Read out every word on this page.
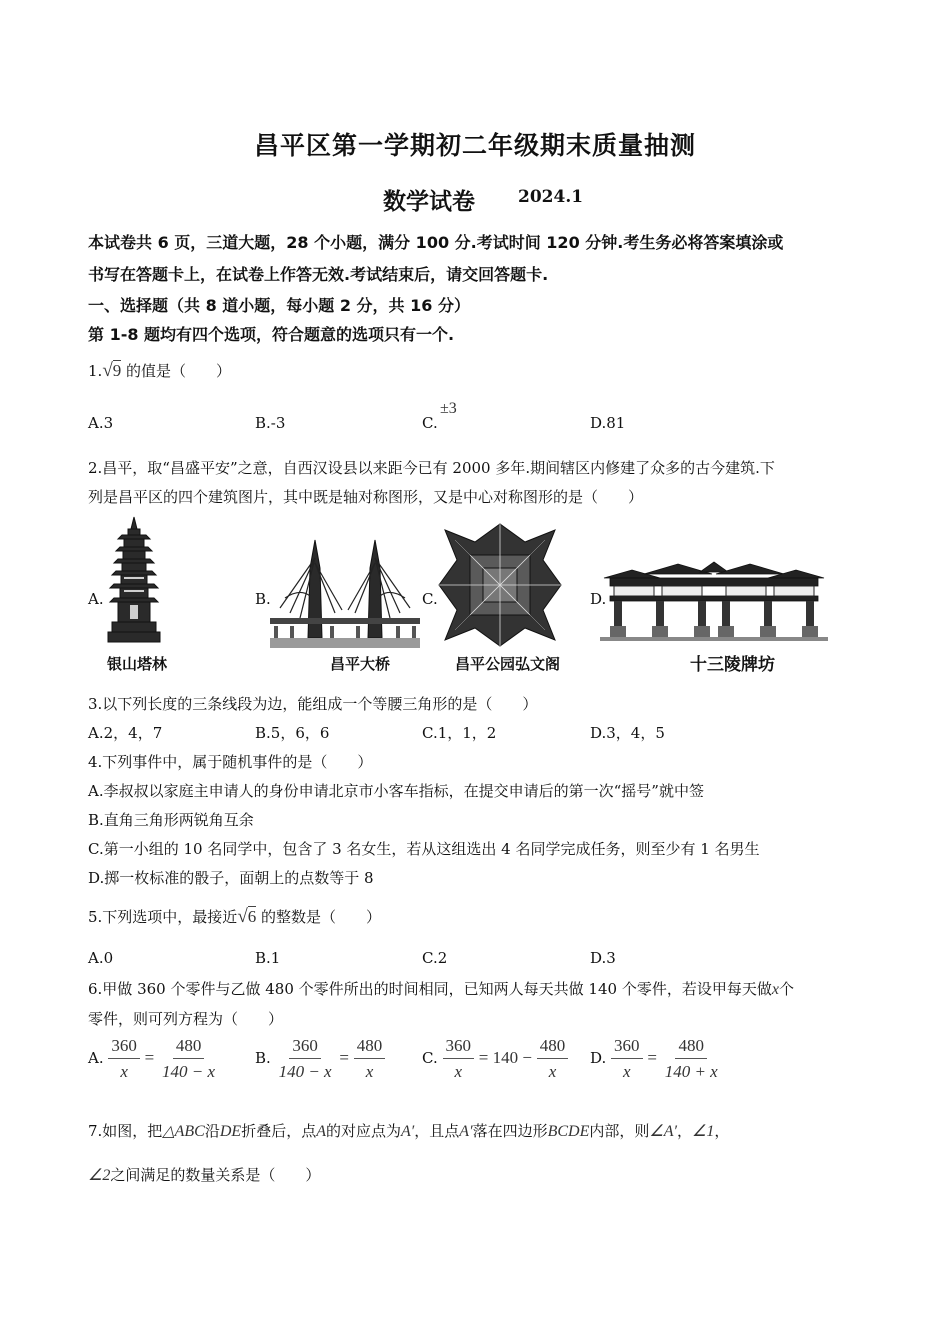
昌平区第一学期初二年级期末质量抽测
数学试卷	2024.1
本试卷共 6 页，三道大题，28 个小题，满分 100 分.考试时间 120 分钟.考生务必将答案填涂或
书写在答题卡上，在试卷上作答无效.考试结束后，请交回答题卡.
一、选择题（共 8 道小题，每小题 2 分，共 16 分）
第 1-8 题均有四个选项，符合题意的选项只有一个.
1.√9 的值是（　　）
A.3	B.-3	C.
±3
D.81
2.昌平，取“昌盛平安”之意，自西汉设县以来距今已有 2000 多年.期间辖区内修建了众多的古今建筑.下
列是昌平区的四个建筑图片，其中既是轴对称图形，又是中心对称图形的是（　　）
A.	B.	C.	D.
银山塔林	昌平大桥	昌平公园弘文阁	十三陵牌坊
3.以下列长度的三条线段为边，能组成一个等腰三角形的是（　　）
A.2，4，7	B.5，6，6	C.1，1，2	D.3，4，5
4.下列事件中，属于随机事件的是（　　）
A.李叔叔以家庭主申请人的身份申请北京市小客车指标，在提交申请后的第一次“摇号”就中签
B.直角三角形两锐角互余
C.第一小组的 10 名同学中，包含了 3 名女生，若从这组选出 4 名同学完成任务，则至少有 1 名男生
D.掷一枚标准的骰子，面朝上的点数等于 8
5.下列选项中，最接近√6 的整数是（　　）
A.0	B.1	C.2	D.3
6.甲做 360 个零件与乙做 480 个零件所出的时间相同，已知两人每天共做 140 个零件，若设甲每天做x个
零件，则可列方程为（　　）
A. $\frac{360}{x} = \frac{480}{140 - x} B$. $\frac{360}{140 - x} = \frac{480}{x} C$. $\frac{360}{x} = 140 - \frac{480}{x} D$. $\frac{360}{x} = \frac{480}{140 + x}$
7.如图，把△ABC沿DE折叠后，点A的对应点为A′，且点A′落在四边形BCDE内部，则∠A′，∠1，
∠2之间满足的数量关系是（　　）
